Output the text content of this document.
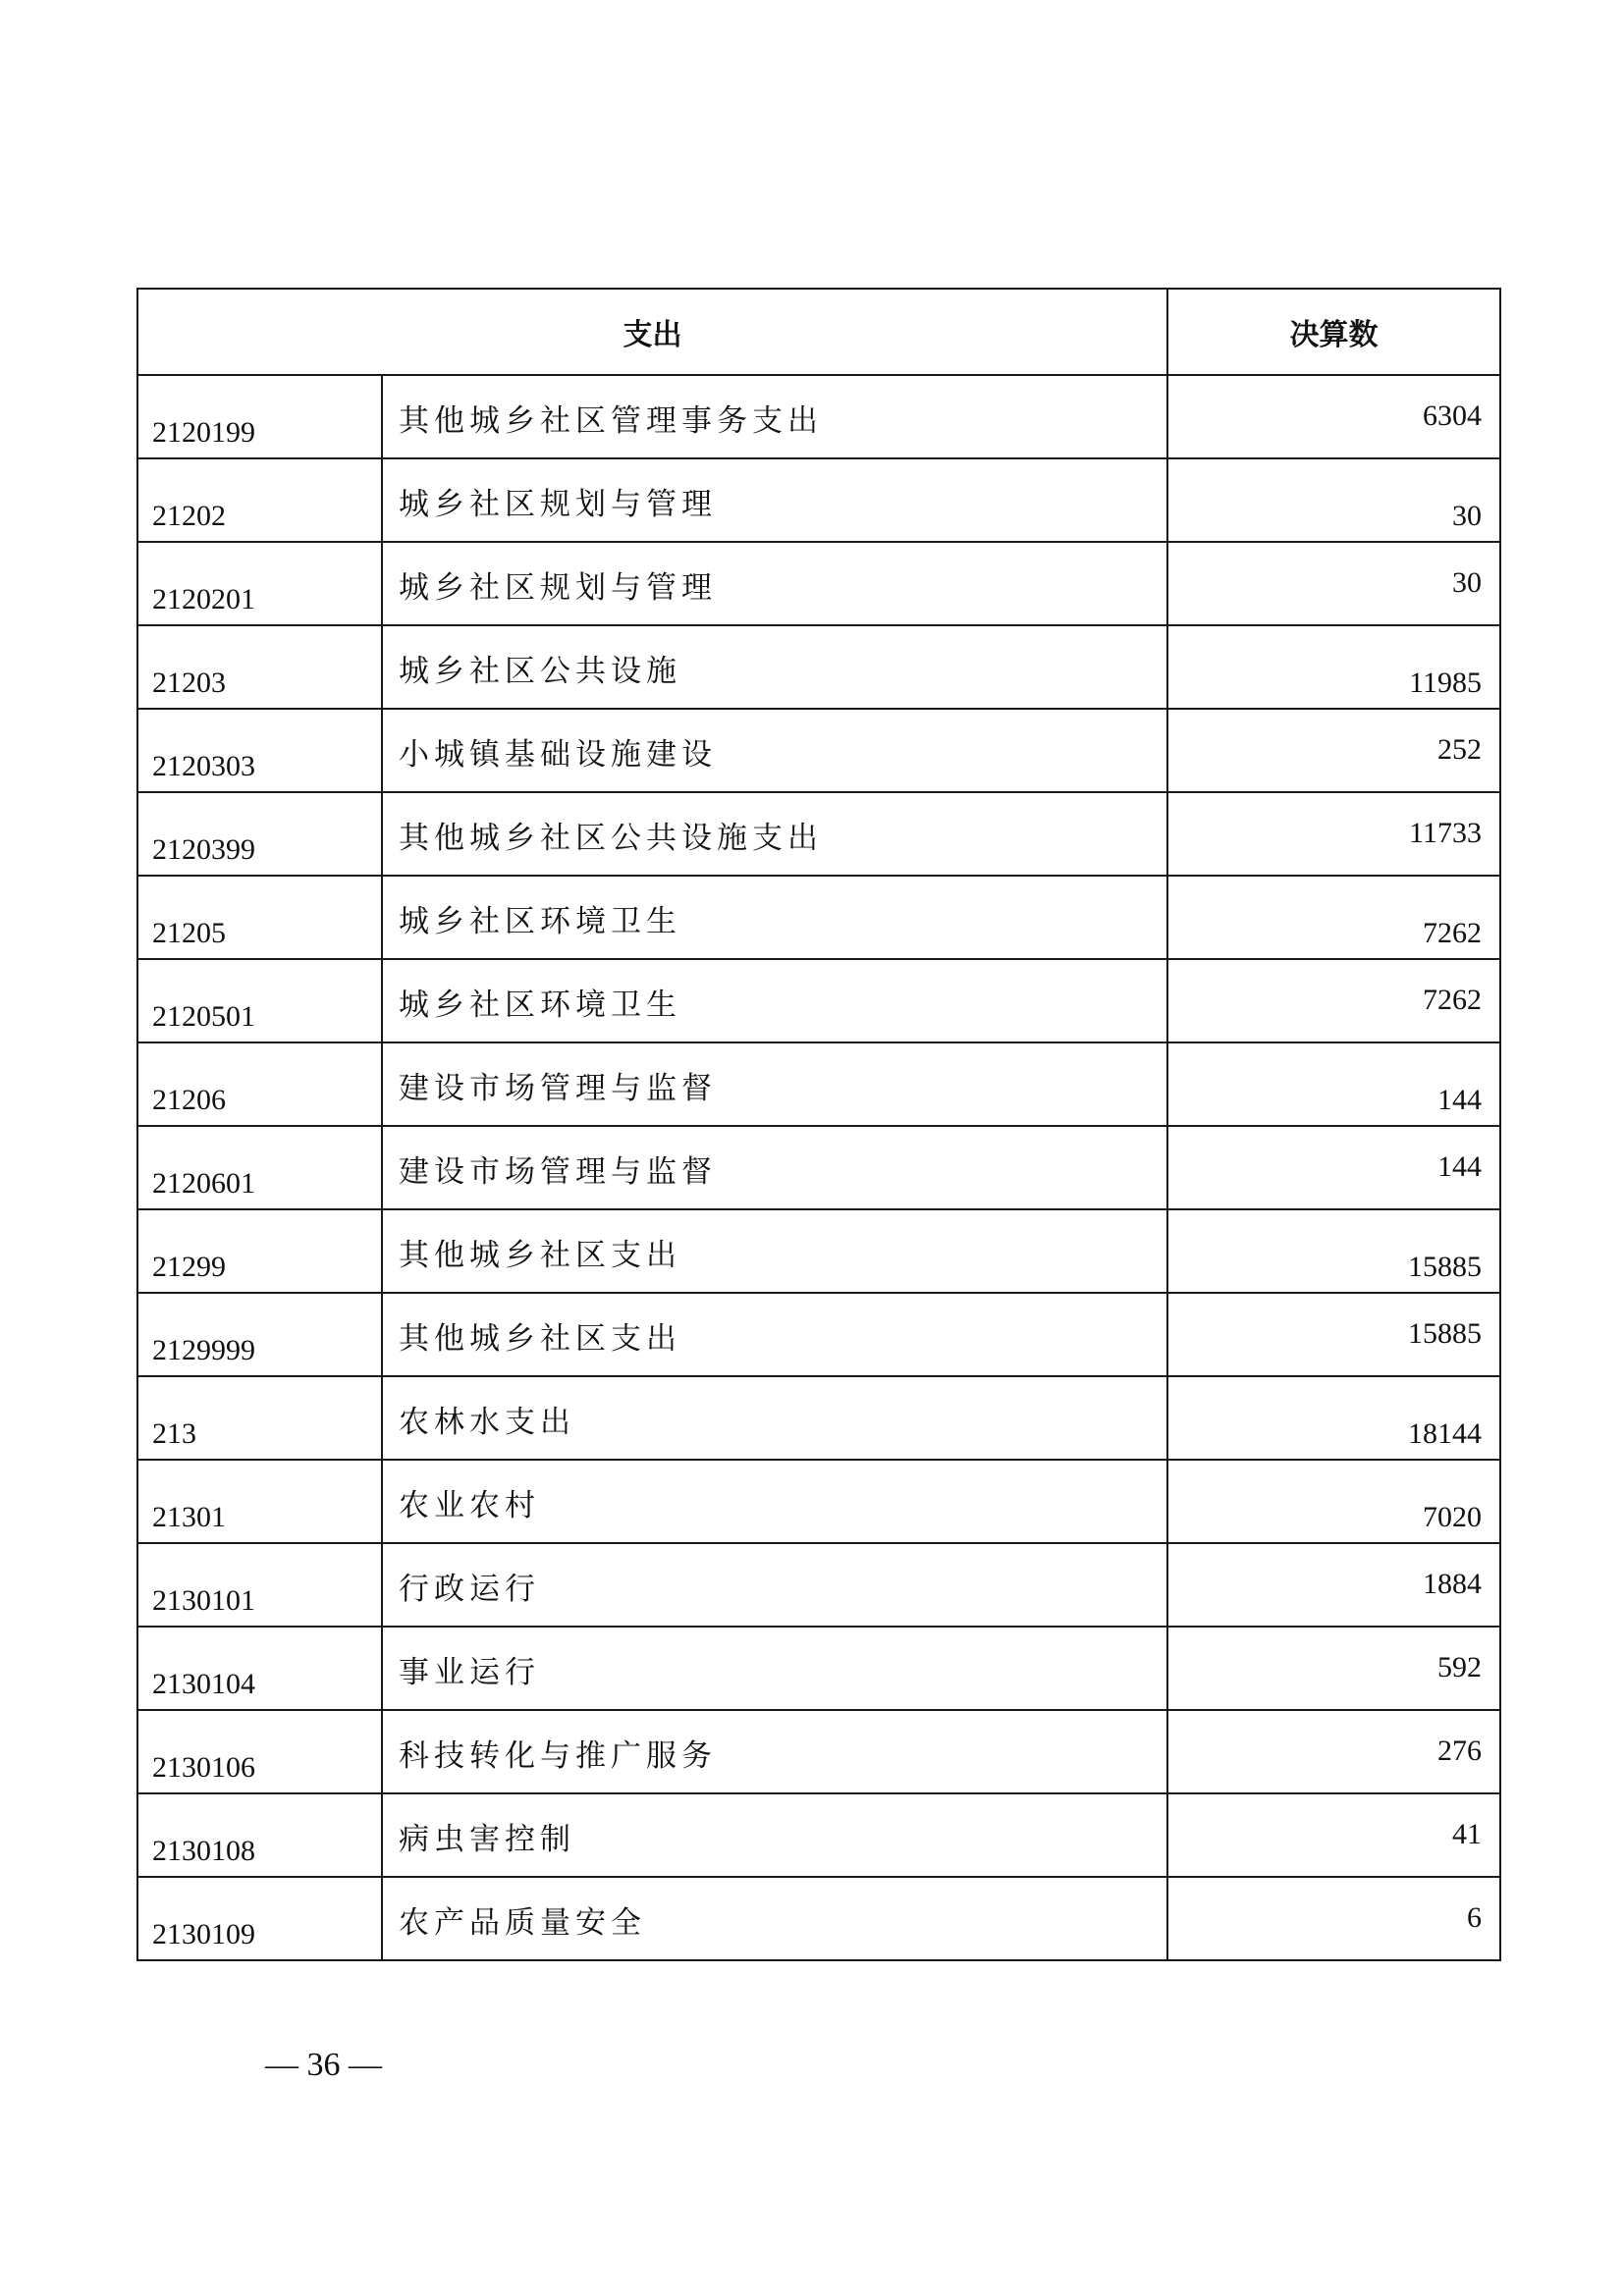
支出		决算数
2120199	其他城乡社区管理事务支出	6304
21202	城乡社区规划与管理	30
2120201	城乡社区规划与管理	30
21203	城乡社区公共设施	11985
2120303	小城镇基础设施建设	252
2120399	其他城乡社区公共设施支出	11733
21205	城乡社区环境卫生	7262
2120501	城乡社区环境卫生	7262
21206	建设市场管理与监督	144
2120601	建设市场管理与监督	144
21299	其他城乡社区支出	15885
2129999	其他城乡社区支出	15885
213	农林水支出	18144
21301	农业农村	7020
2130101	行政运行	1884
2130104	事业运行	592
2130106	科技转化与推广服务	276
2130108	病虫害控制	41
2130109	农产品质量安全	6
— 36 —
